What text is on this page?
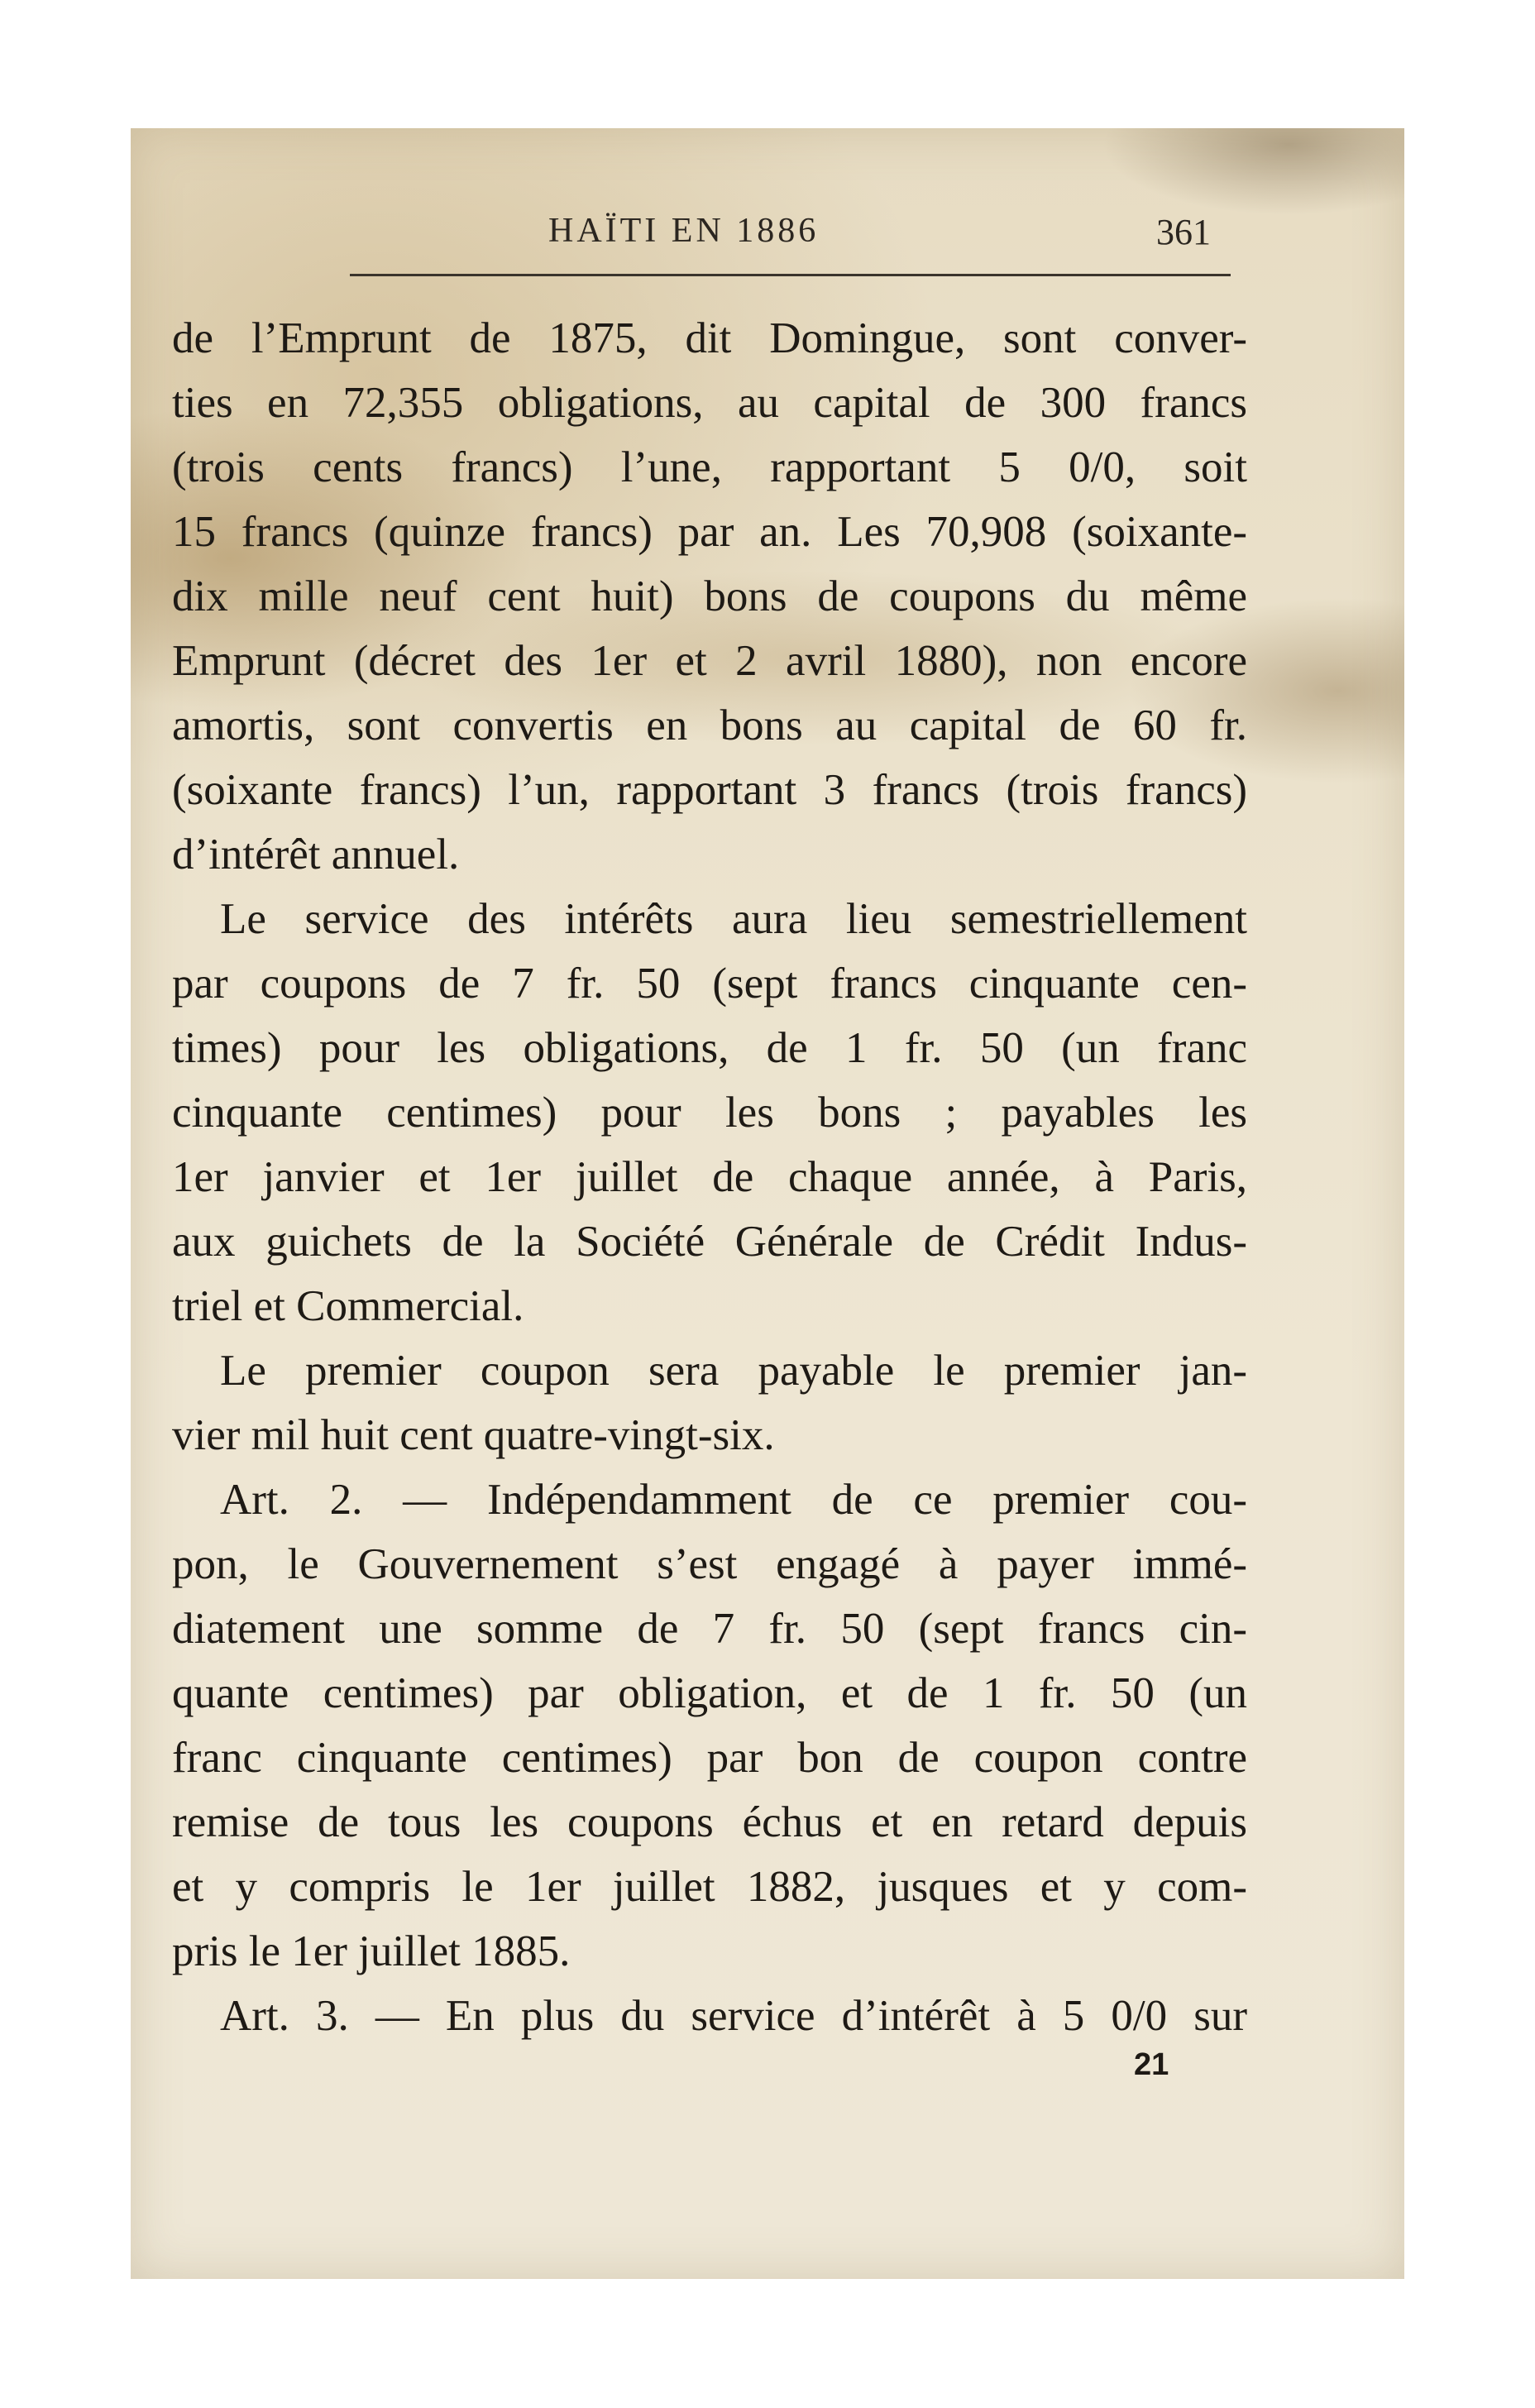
HAÏTI EN 1886	361
de l’Emprunt de 1875, dit Domingue, sont conver-
ties en 72,355 obligations, au capital de 300 francs
(trois cents francs) l’une, rapportant 5 0/0, soit
15 francs (quinze francs) par an. Les 70,908 (soixante-
dix mille neuf cent huit) bons de coupons du même
Emprunt (décret des 1er et 2 avril 1880), non encore
amortis, sont convertis en bons au capital de 60 fr.
(soixante francs) l’un, rapportant 3 francs (trois francs)
d’intérêt annuel.
Le service des intérêts aura lieu semestriellement
par coupons de 7 fr. 50 (sept francs cinquante cen-
times) pour les obligations, de 1 fr. 50 (un franc
cinquante centimes) pour les bons ; payables les
1er janvier et 1er juillet de chaque année, à Paris,
aux guichets de la Société Générale de Crédit Indus-
triel et Commercial.
Le premier coupon sera payable le premier jan-
vier mil huit cent quatre-vingt-six.
Art. 2. — Indépendamment de ce premier cou-
pon, le Gouvernement s’est engagé à payer immé-
diatement une somme de 7 fr. 50 (sept francs cin-
quante centimes) par obligation, et de 1 fr. 50 (un
franc cinquante centimes) par bon de coupon contre
remise de tous les coupons échus et en retard depuis
et y compris le 1er juillet 1882, jusques et y com-
pris le 1er juillet 1885.
Art. 3. — En plus du service d’intérêt à 5 0/0 sur
21
